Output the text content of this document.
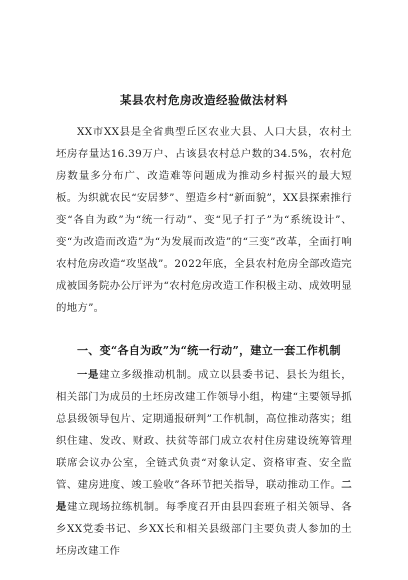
某县农村危房改造经验做法材料

XX市XX县是全省典型丘区农业大县、人口大县，农村土坯房存量达16.39万户、占该县农村总户数的34.5%，农村危房数量多分布广、改造难等问题成为推动乡村振兴的最大短板。为织就农民“安居梦”、塑造乡村“新面貌”，XX县探索推行变“各自为政”为“统一行动”、变“见子打子”为“系统设计”、变“为改造而改造”为“为发展而改造”的“三变”改革，全面打响农村危房改造“攻坚战”。2022年底，全县农村危房全部改造完成被国务院办公厅评为“农村危房改造工作积极主动、成效明显的地方”。

一、变“各自为政”为“统一行动”，建立一套工作机制

一是建立多级推动机制。成立以县委书记、县长为组长，相关部门为成员的土坯房改建工作领导小组，构建“主要领导抓总县级领导包片、定期通报研判”工作机制，高位推动落实；组织住建、发改、财政、扶贫等部门成立农村住房建设统筹管理联席会议办公室，全链式负责“对象认定、资格审查、安全监管、建房进度、竣工验收”各环节把关指导，联动推动工作。二是建立现场拉练机制。每季度召开由县四套班子相关领导、各乡XX党委书记、乡XX长和相关县级部门主要负责人参加的土坯房改建工作
